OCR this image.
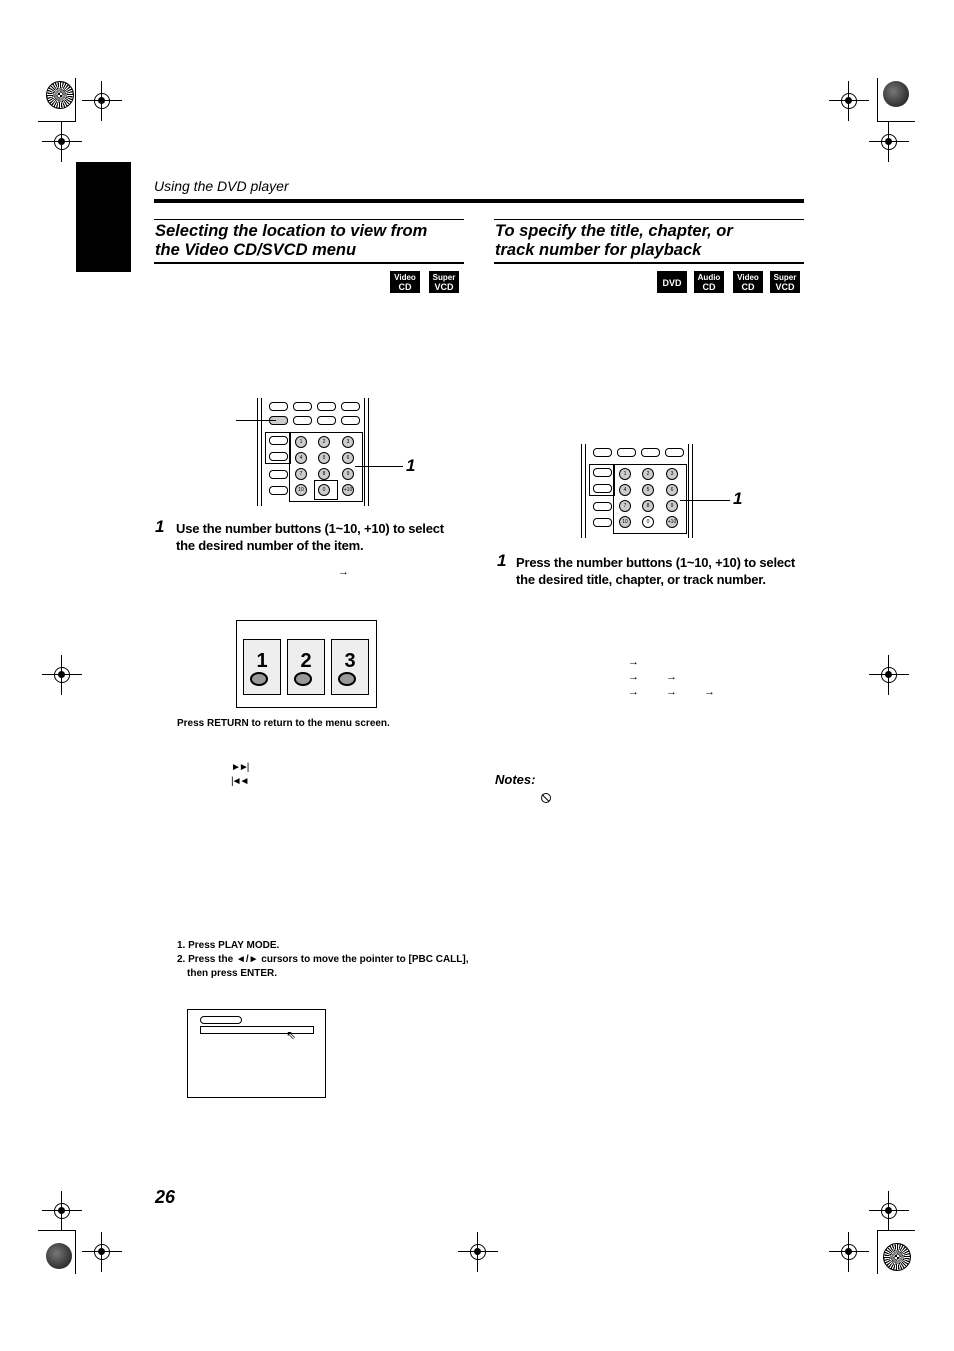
Using the DVD player
Selecting the location to view from
the Video CD/SVCD menu
Video
CD
Super
VCD
1	2	3
4	5	6
7	8	9
10	0	+10
1
1 Use the number buttons (1~10, +10) to select
the desired number of the item.
→
1	2	3
Press RETURN to return to the menu screen.
►►|
|◄◄
1. Press PLAY MODE.
2. Press the ◄/► cursors to move the pointer to [PBC CALL],
then press ENTER.
⇖
To specify the title, chapter, or
track number for playback
DVD
Audio
CD
Video
CD
Super
VCD
1	2	3
4	5	6
7	8	9
10	0	+10
1
1 Press the number buttons (1~10, +10) to select
the desired title, chapter, or track number.
→
→ →
→ → →
Notes:
26
